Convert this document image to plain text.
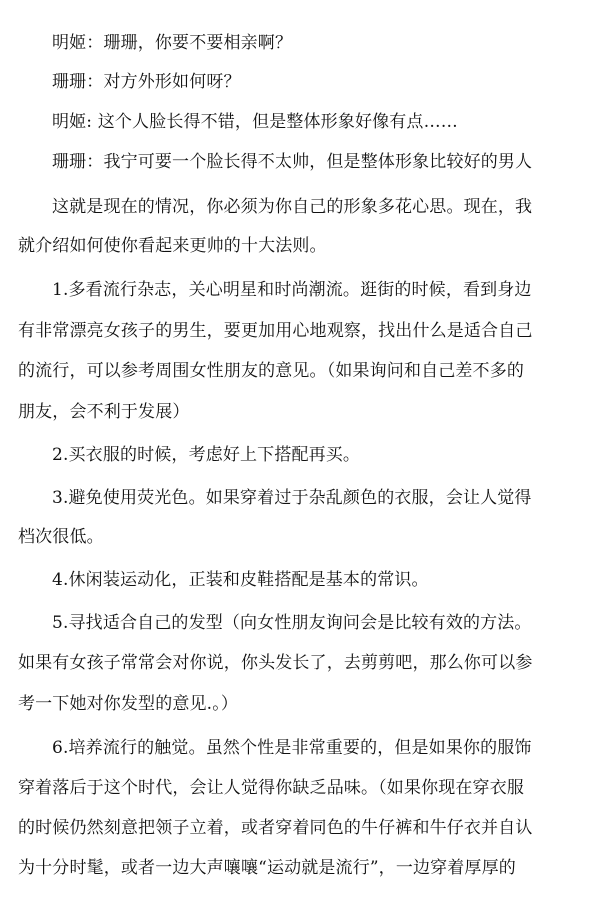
明姬：珊珊，你要不要相亲啊？
珊珊：对方外形如何呀？
明姬: 这个人脸长得不错，但是整体形象好像有点……
珊珊：我宁可要一个脸长得不太帅，但是整体形象比较好的男人
这就是现在的情况，你必须为你自己的形象多花心思。现在，我
就介绍如何使你看起来更帅的十大法则。
1.多看流行杂志，关心明星和时尚潮流。逛街的时候，看到身边
有非常漂亮女孩子的男生，要更加用心地观察，找出什么是适合自己
的流行，可以参考周围女性朋友的意见。（如果询问和自己差不多的
朋友，会不利于发展）
2.买衣服的时候，考虑好上下搭配再买。
3.避免使用荧光色。如果穿着过于杂乱颜色的衣服，会让人觉得
档次很低。
4.休闲装运动化，正装和皮鞋搭配是基本的常识。
5.寻找适合自己的发型（向女性朋友询问会是比较有效的方法。
如果有女孩子常常会对你说，你头发长了，去剪剪吧，那么你可以参
考一下她对你发型的意见.。）
6.培养流行的触觉。虽然个性是非常重要的，但是如果你的服饰
穿着落后于这个时代，会让人觉得你缺乏品味。（如果你现在穿衣服
的时候仍然刻意把领子立着，或者穿着同色的牛仔裤和牛仔衣并自认
为十分时髦，或者一边大声嚷嚷“运动就是流行”，一边穿着厚厚的
